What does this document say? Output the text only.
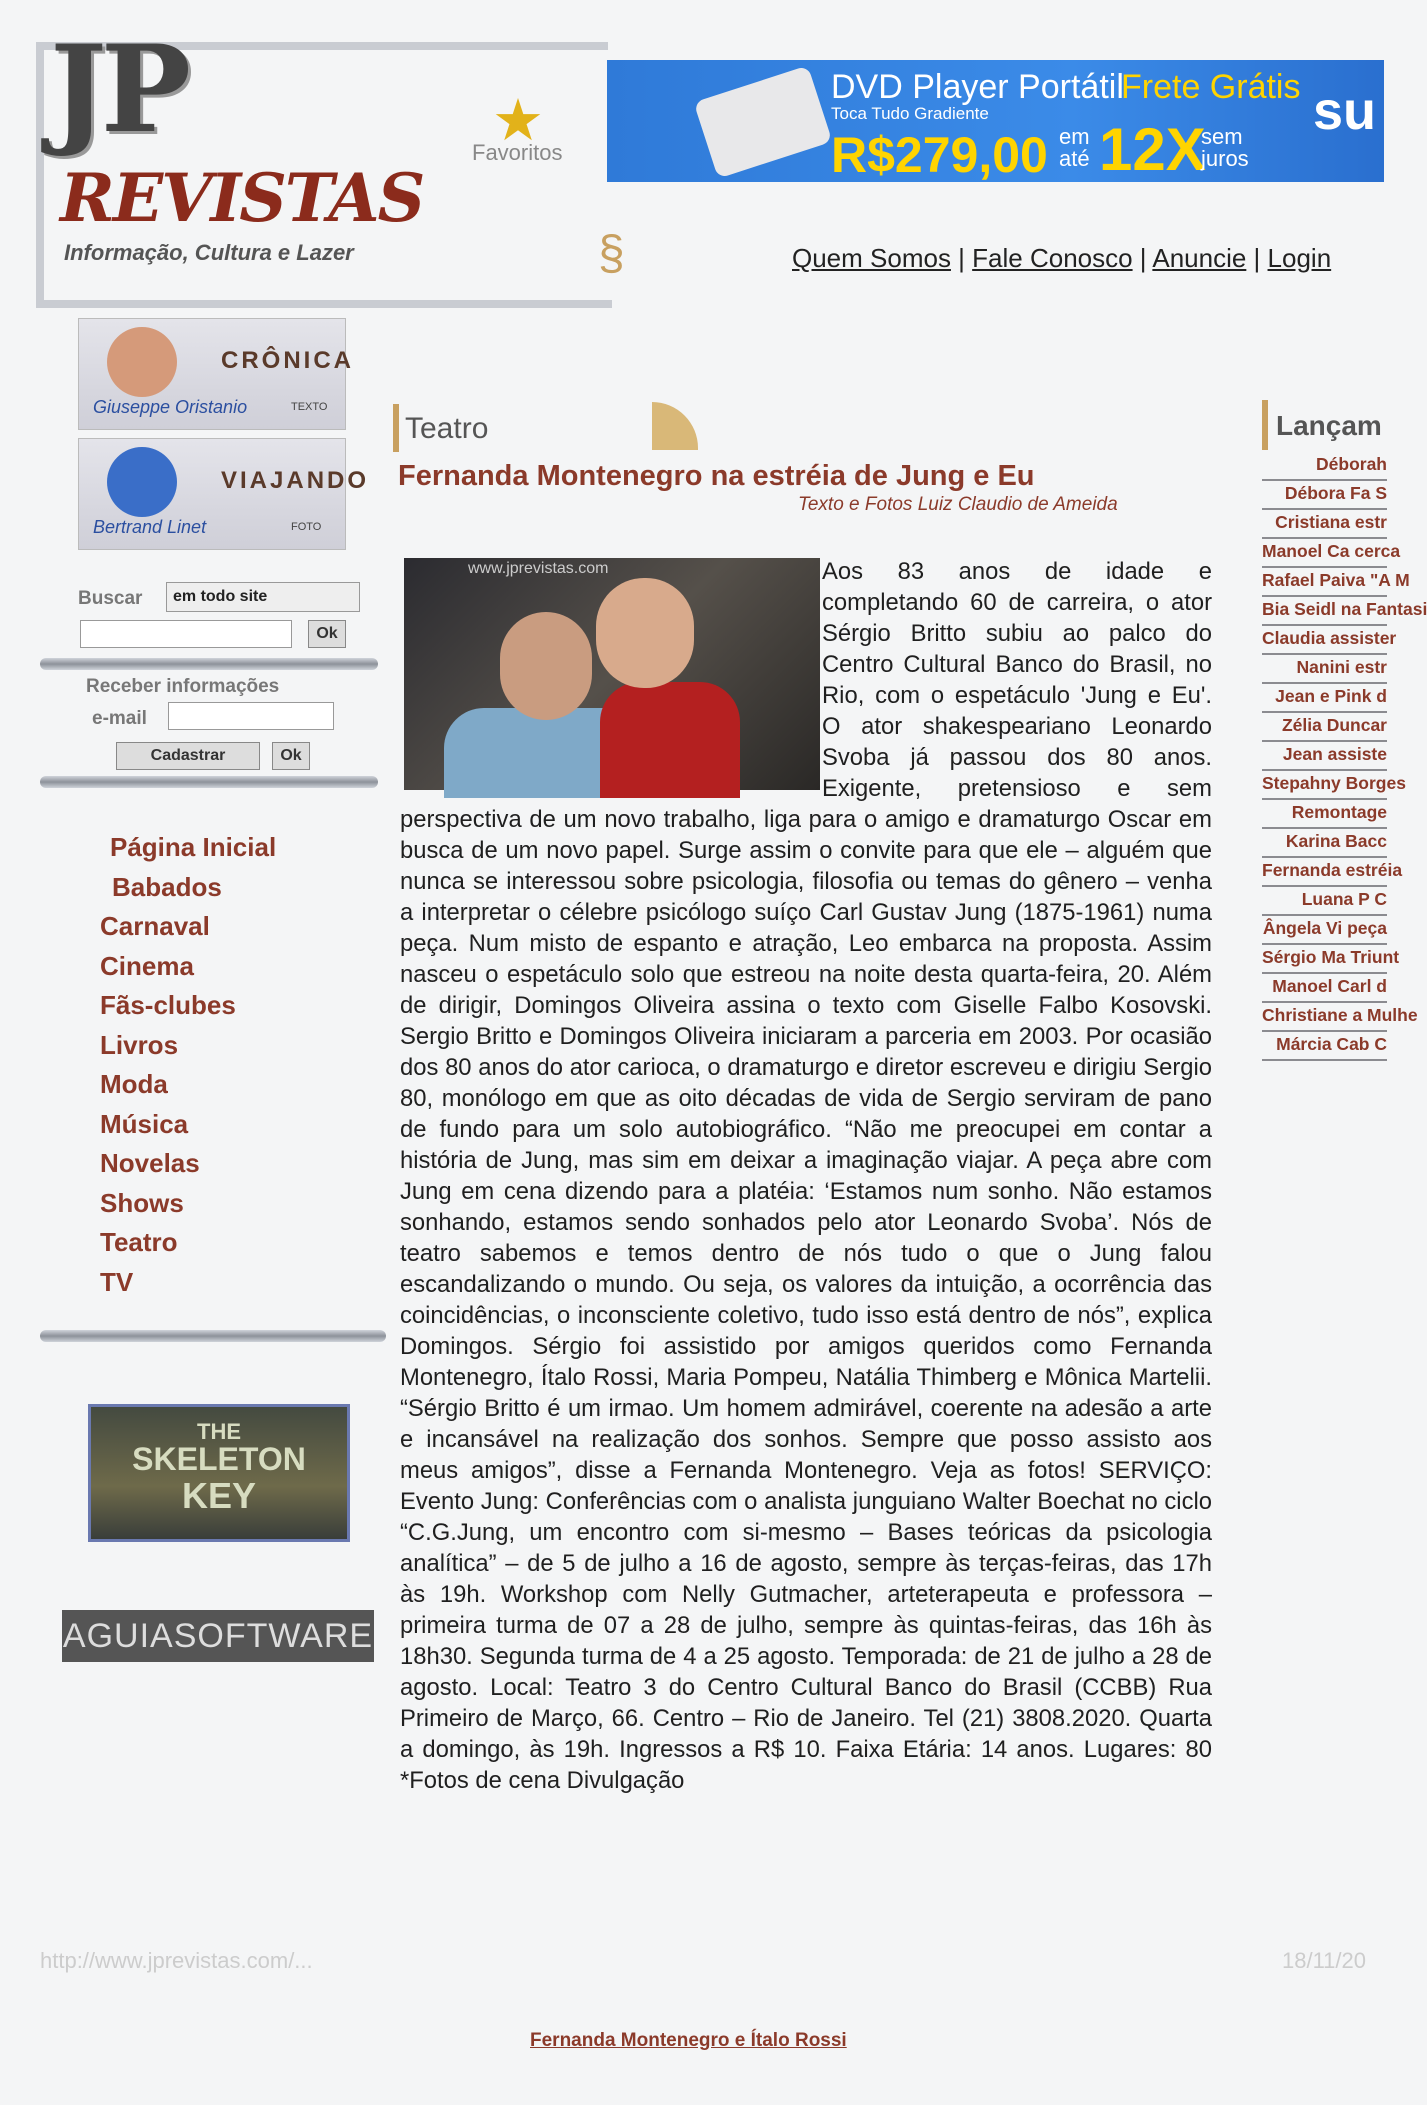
JP
REVISTAS
Informação, Cultura e Lazer
★
Favoritos
§
DVD Player Portátil
Toca Tudo Gradiente
R$279,00
Frete Grátis
em até 12X
sem juros
su
Quem Somos | Fale Conosco | Anuncie | Login
CRÔNICA
Giuseppe Oristanio	TEXTO
VIAJANDO
Bertrand Linet	FOTO
Buscar	em todo site
Ok
Receber informações
e-mail
Cadastrar	Ok
Página Inicial
Babados
Carnaval
Cinema
Fãs-clubes
Livros
Moda
Música
Novelas
Shows
Teatro
TV
THE
SKELETON
KEY
AGUIASOFTWARE
Teatro
Fernanda Montenegro na estréia de Jung e Eu
Texto e Fotos Luiz Claudio de Ameida
www.jprevistas.com	Aos 83 anos de idade e completando 60 de carreira, o ator Sérgio Britto subiu ao palco do Centro Cultural Banco do Brasil, no Rio, com o espetáculo 'Jung e Eu'. O ator shakespeariano Leonardo Svoba já passou dos 80 anos. Exigente, pretensioso e sem perspectiva de um novo trabalho, liga para o amigo e dramaturgo Oscar em busca de um novo papel. Surge assim o convite para que ele – alguém que nunca se interessou sobre psicologia, filosofia ou temas do gênero – venha a interpretar o célebre psicólogo suíço Carl Gustav Jung (1875-1961) numa peça. Num misto de espanto e atração, Leo embarca na proposta. Assim nasceu o espetáculo solo que estreou na noite desta quarta-feira, 20. Além de dirigir, Domingos Oliveira assina o texto com Giselle Falbo Kosovski. Sergio Britto e Domingos Oliveira iniciaram a parceria em 2003. Por ocasião dos 80 anos do ator carioca, o dramaturgo e diretor escreveu e dirigiu Sergio 80, monólogo em que as oito décadas de vida de Sergio serviram de pano de fundo para um solo autobiográfico. “Não me preocupei em contar a história de Jung, mas sim em deixar a imaginação viajar. A peça abre com Jung em cena dizendo para a platéia: ‘Estamos num sonho. Não estamos sonhando, estamos sendo sonhados pelo ator Leonardo Svoba’. Nós de teatro sabemos e temos dentro de nós tudo o que o Jung falou escandalizando o mundo. Ou seja, os valores da intuição, a ocorrência das coincidências, o inconsciente coletivo, tudo isso está dentro de nós”, explica Domingos. Sérgio foi assistido por amigos queridos como Fernanda Montenegro, Ítalo Rossi, Maria Pompeu, Natália Thimberg e Mônica Martelii. “Sérgio Britto é um irmao. Um homem admirável, coerente na adesão a arte e incansável na realização dos sonhos. Sempre que posso assisto aos meus amigos”, disse a Fernanda Montenegro. Veja as fotos! SERVIÇO: Evento Jung: Conferências com o analista junguiano Walter Boechat no ciclo “C.G.Jung, um encontro com si-mesmo – Bases teóricas da psicologia analítica” – de 5 de julho a 16 de agosto, sempre às terças-feiras, das 17h às 19h. Workshop com Nelly Gutmacher, arteterapeuta e professora – primeira turma de 07 a 28 de julho, sempre às quintas-feiras, das 16h às 18h30. Segunda turma de 4 a 25 agosto. Temporada: de 21 de julho a 28 de agosto. Local: Teatro 3 do Centro Cultural Banco do Brasil (CCBB) Rua Primeiro de Março, 66. Centro – Rio de Janeiro. Tel (21) 3808.2020. Quarta a domingo, às 19h. Ingressos a R$ 10. Faixa Etária: 14 anos. Lugares: 80 *Fotos de cena Divulgação
http://www.jprevistas.com/...	18/11/20
Fernanda Montenegro e Ítalo Rossi
Lançam
Déborah
Débora Fa S
Cristiana estr
Manoel Ca cerca
Rafael Paiva "A M
Bia Seidl na Fantasi
Claudia assister
Nanini estr
Jean e Pink d
Zélia Duncar
Jean assiste
Stepahny Borges
Remontage
Karina Bacc
Fernanda estréia
Luana P C
Ângela Vi peça
Sérgio Ma Triunt
Manoel Carl d
Christiane a Mulhe
Márcia Cab C
